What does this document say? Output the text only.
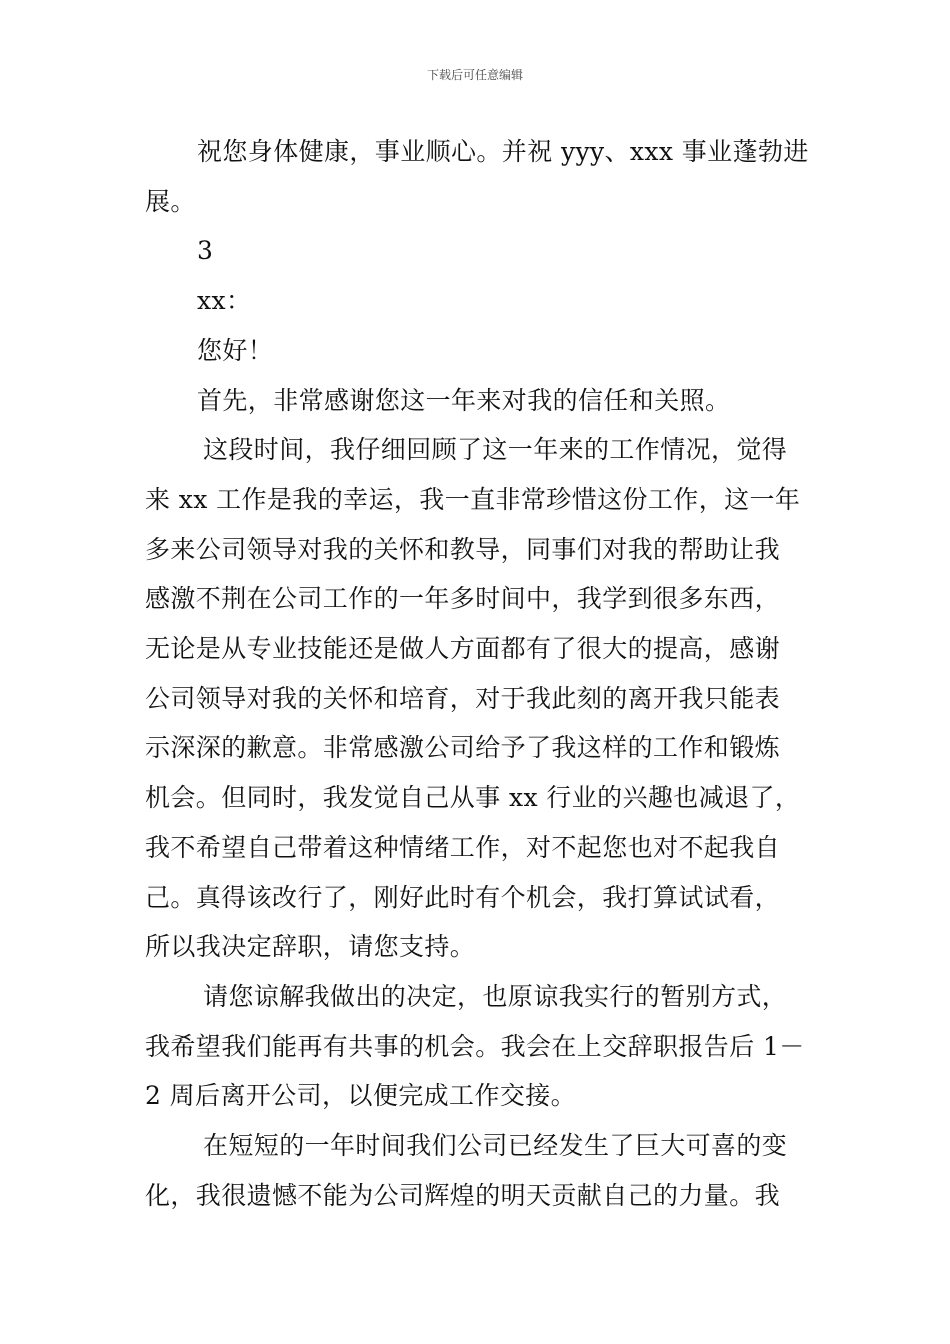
下载后可任意编辑

祝您身体健康，事业顺心。并祝 yyy、xxx 事业蓬勃进

展。

3

xx：

您好！

首先，非常感谢您这一年来对我的信任和关照。

这段时间，我仔细回顾了这一年来的工作情况，觉得

来 xx 工作是我的幸运，我一直非常珍惜这份工作，这一年

多来公司领导对我的关怀和教导，同事们对我的帮助让我

感激不荆在公司工作的一年多时间中，我学到很多东西，

无论是从专业技能还是做人方面都有了很大的提高，感谢

公司领导对我的关怀和培育，对于我此刻的离开我只能表

示深深的歉意。非常感激公司给予了我这样的工作和锻炼

机会。但同时，我发觉自己从事 xx 行业的兴趣也减退了，

我不希望自己带着这种情绪工作，对不起您也对不起我自

己。真得该改行了，刚好此时有个机会，我打算试试看，

所以我决定辞职，请您支持。

请您谅解我做出的决定，也原谅我实行的暂别方式，

我希望我们能再有共事的机会。我会在上交辞职报告后 1－

2 周后离开公司，以便完成工作交接。

在短短的一年时间我们公司已经发生了巨大可喜的变

化，我很遗憾不能为公司辉煌的明天贡献自己的力量。我
